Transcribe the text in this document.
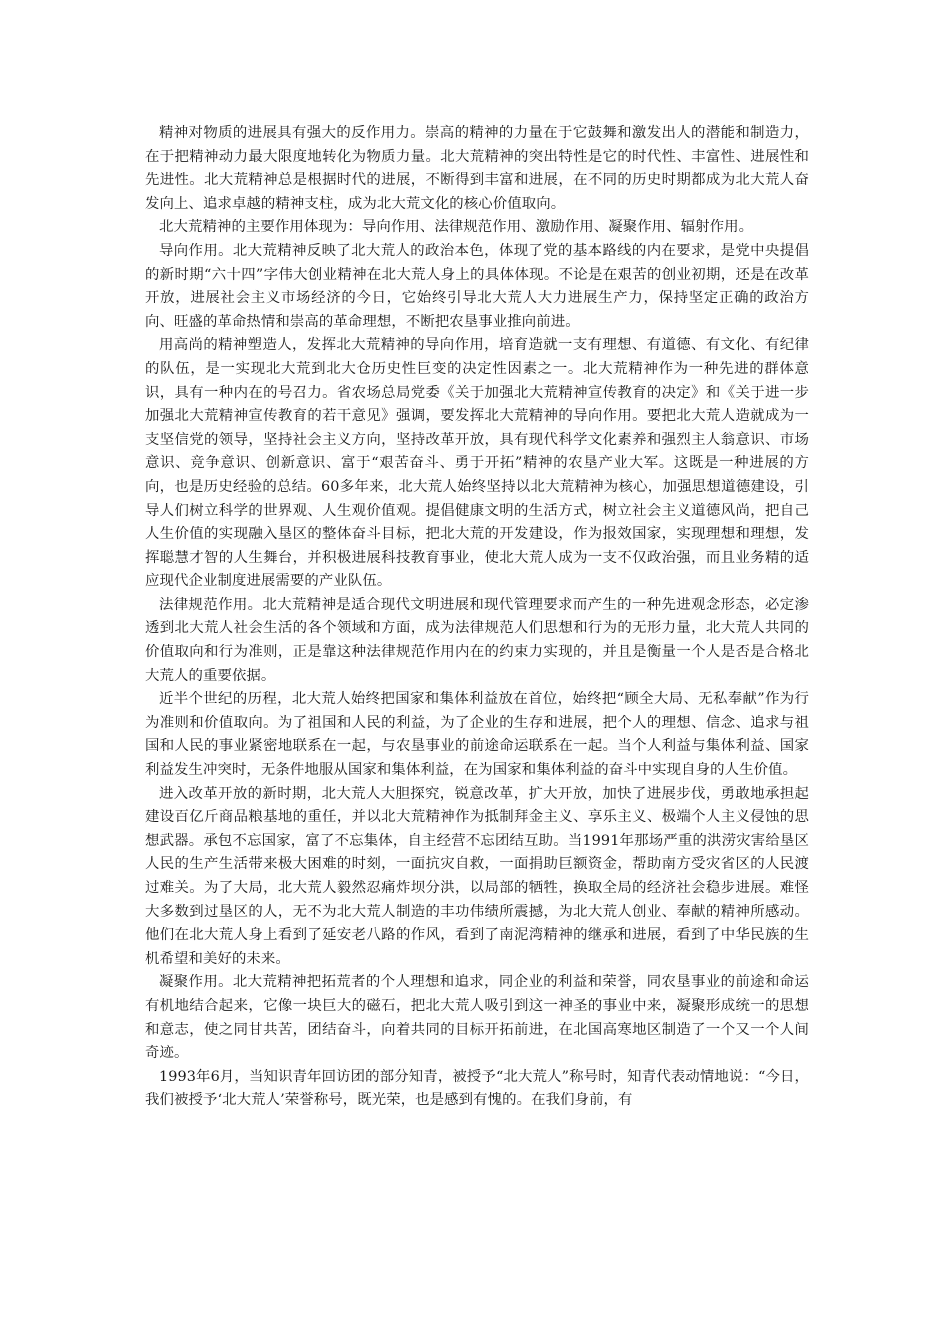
精神对物质的进展具有强大的反作用力。崇高的精神的力量在于它鼓舞和激发出人的潜能和制造力，在于把精神动力最大限度地转化为物质力量。北大荒精神的突出特性是它的时代性、丰富性、进展性和先进性。北大荒精神总是根据时代的进展，不断得到丰富和进展，在不同的历史时期都成为北大荒人奋发向上、追求卓越的精神支柱，成为北大荒文化的核心价值取向。

北大荒精神的主要作用体现为：导向作用、法律规范作用、激励作用、凝聚作用、辐射作用。

导向作用。北大荒精神反映了北大荒人的政治本色，体现了党的基本路线的内在要求，是党中央提倡的新时期“六十四”字伟大创业精神在北大荒人身上的具体体现。不论是在艰苦的创业初期，还是在改革开放，进展社会主义市场经济的今日，它始终引导北大荒人大力进展生产力，保持坚定正确的政治方向、旺盛的革命热情和崇高的革命理想，不断把农垦事业推向前进。

用高尚的精神塑造人，发挥北大荒精神的导向作用，培育造就一支有理想、有道德、有文化、有纪律的队伍，是一实现北大荒到北大仓历史性巨变的决定性因素之一。北大荒精神作为一种先进的群体意识，具有一种内在的号召力。省农场总局党委《关于加强北大荒精神宣传教育的决定》和《关于进一步加强北大荒精神宣传教育的若干意见》强调，要发挥北大荒精神的导向作用。要把北大荒人造就成为一支坚信党的领导，坚持社会主义方向，坚持改革开放，具有现代科学文化素养和强烈主人翁意识、市场意识、竞争意识、创新意识、富于“艰苦奋斗、勇于开拓”精神的农垦产业大军。这既是一种进展的方向，也是历史经验的总结。60多年来，北大荒人始终坚持以北大荒精神为核心，加强思想道德建设，引导人们树立科学的世界观、人生观价值观。提倡健康文明的生活方式，树立社会主义道德风尚，把自己人生价值的实现融入垦区的整体奋斗目标，把北大荒的开发建设，作为报效国家，实现理想和理想，发挥聪慧才智的人生舞台，并积极进展科技教育事业，使北大荒人成为一支不仅政治强，而且业务精的适应现代企业制度进展需要的产业队伍。

法律规范作用。北大荒精神是适合现代文明进展和现代管理要求而产生的一种先进观念形态，必定渗透到北大荒人社会生活的各个领域和方面，成为法律规范人们思想和行为的无形力量，北大荒人共同的价值取向和行为准则，正是靠这种法律规范作用内在的约束力实现的，并且是衡量一个人是否是合格北大荒人的重要依据。

近半个世纪的历程，北大荒人始终把国家和集体利益放在首位，始终把“顾全大局、无私奉献”作为行为准则和价值取向。为了祖国和人民的利益，为了企业的生存和进展，把个人的理想、信念、追求与祖国和人民的事业紧密地联系在一起，与农垦事业的前途命运联系在一起。当个人利益与集体利益、国家利益发生冲突时，无条件地服从国家和集体利益，在为国家和集体利益的奋斗中实现自身的人生价值。

进入改革开放的新时期，北大荒人大胆探究，锐意改革，扩大开放，加快了进展步伐，勇敢地承担起建设百亿斤商品粮基地的重任，并以北大荒精神作为抵制拜金主义、享乐主义、极端个人主义侵蚀的思想武器。承包不忘国家，富了不忘集体，自主经营不忘团结互助。当1991年那场严重的洪涝灾害给垦区人民的生产生活带来极大困难的时刻，一面抗灾自救，一面捐助巨额资金，帮助南方受灾省区的人民渡过难关。为了大局，北大荒人毅然忍痛炸坝分洪，以局部的牺牲，换取全局的经济社会稳步进展。难怪大多数到过垦区的人，无不为北大荒人制造的丰功伟绩所震撼，为北大荒人创业、奉献的精神所感动。他们在北大荒人身上看到了延安老八路的作风，看到了南泥湾精神的继承和进展，看到了中华民族的生机希望和美好的未来。

凝聚作用。北大荒精神把拓荒者的个人理想和追求，同企业的利益和荣誉，同农垦事业的前途和命运有机地结合起来，它像一块巨大的磁石，把北大荒人吸引到这一神圣的事业中来，凝聚形成统一的思想和意志，使之同甘共苦，团结奋斗，向着共同的目标开拓前进，在北国高寒地区制造了一个又一个人间奇迹。

1993年6月，当知识青年回访团的部分知青，被授予“北大荒人”称号时，知青代表动情地说：“今日，我们被授予‘北大荒人’荣誉称号，既光荣，也是感到有愧的。在我们身前，有
